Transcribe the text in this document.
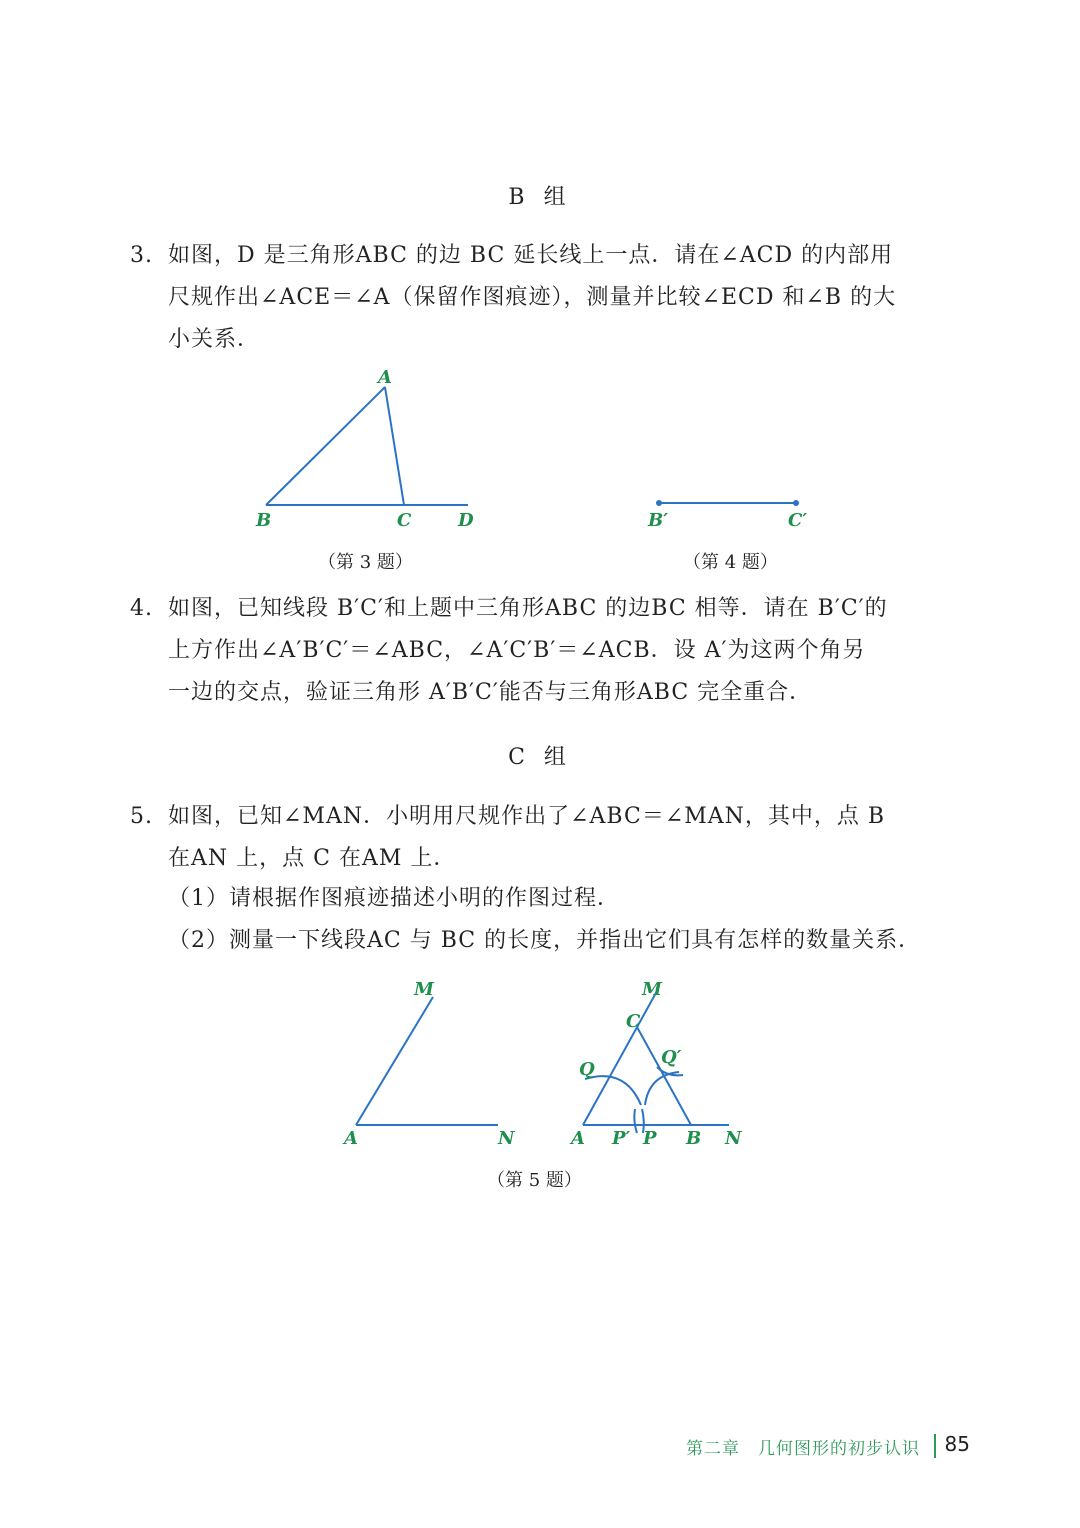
B 组
3. 如图，D 是三角形ABC 的边 BC 延长线上一点．请在∠ACD 的内部用
尺规作出∠ACE＝∠A（保留作图痕迹），测量并比较∠ECD 和∠B 的大
小关系．
A
B	C	D
（第 3 题）
B′	C′
（第 4 题）
4. 如图，已知线段 B′C′和上题中三角形ABC 的边BC 相等．请在 B′C′的
上方作出∠A′B′C′＝∠ABC，∠A′C′B′＝∠ACB．设 A′为这两个角另
一边的交点，验证三角形 A′B′C′能否与三角形ABC 完全重合．
C 组
5. 如图，已知∠MAN．小明用尺规作出了∠ABC＝∠MAN，其中，点 B
在AN 上，点 C 在AM 上．
（1）请根据作图痕迹描述小明的作图过程．
（2）测量一下线段AC 与 BC 的长度，并指出它们具有怎样的数量关系．
M
A	N
M
C
Q
Q′
A P′ P B N
（第 5 题）
第二章　几何图形的初步认识 85
